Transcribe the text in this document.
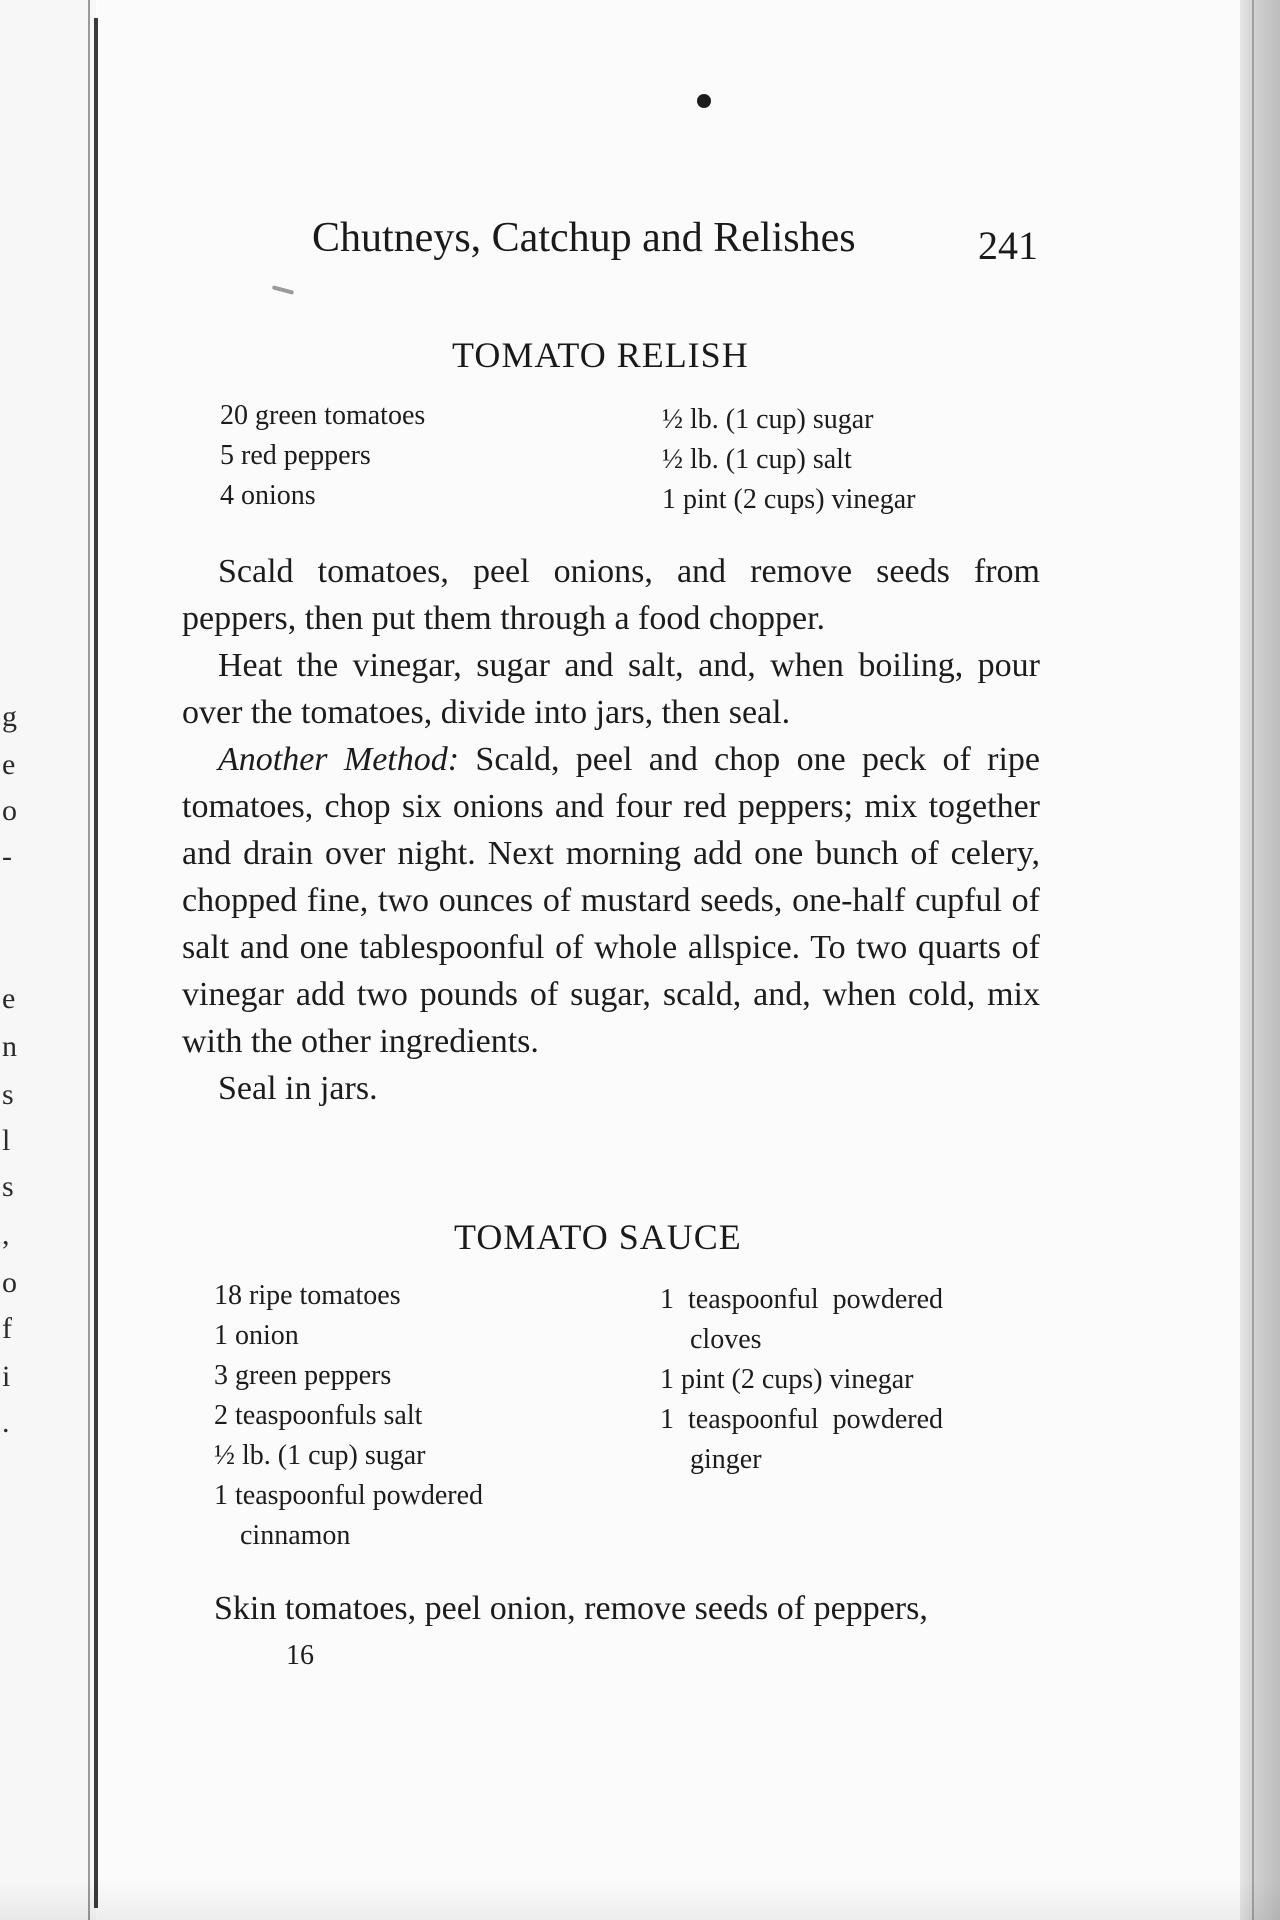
g
e
o
-
e
n
s
l
s
,
o
f
i
.
Chutneys, Catchup and Relishes	241
TOMATO RELISH
20 green tomatoes
5 red peppers
4 onions
½ lb. (1 cup) sugar
½ lb. (1 cup) salt
1 pint (2 cups) vinegar

Scald tomatoes, peel onions, and remove seeds from peppers, then put them through a food chopper.

Heat the vinegar, sugar and salt, and, when boiling, pour over the tomatoes, divide into jars, then seal.

Another Method: Scald, peel and chop one peck of ripe tomatoes, chop six onions and four red peppers; mix together and drain over night. Next morning add one bunch of celery, chopped fine, two ounces of mustard seeds, one-half cupful of salt and one tablespoonful of whole allspice. To two quarts of vinegar add two pounds of sugar, scald, and, when cold, mix with the other ingredients.

Seal in jars.

TOMATO SAUCE
18 ripe tomatoes
1 onion
3 green peppers
2 teaspoonfuls salt
½ lb. (1 cup) sugar
1 teaspoonful powdered
cinnamon
1  teaspoonful  powdered
cloves
1 pint (2 cups) vinegar
1  teaspoonful  powdered
ginger
Skin tomatoes, peel onion, remove seeds of peppers,
16
